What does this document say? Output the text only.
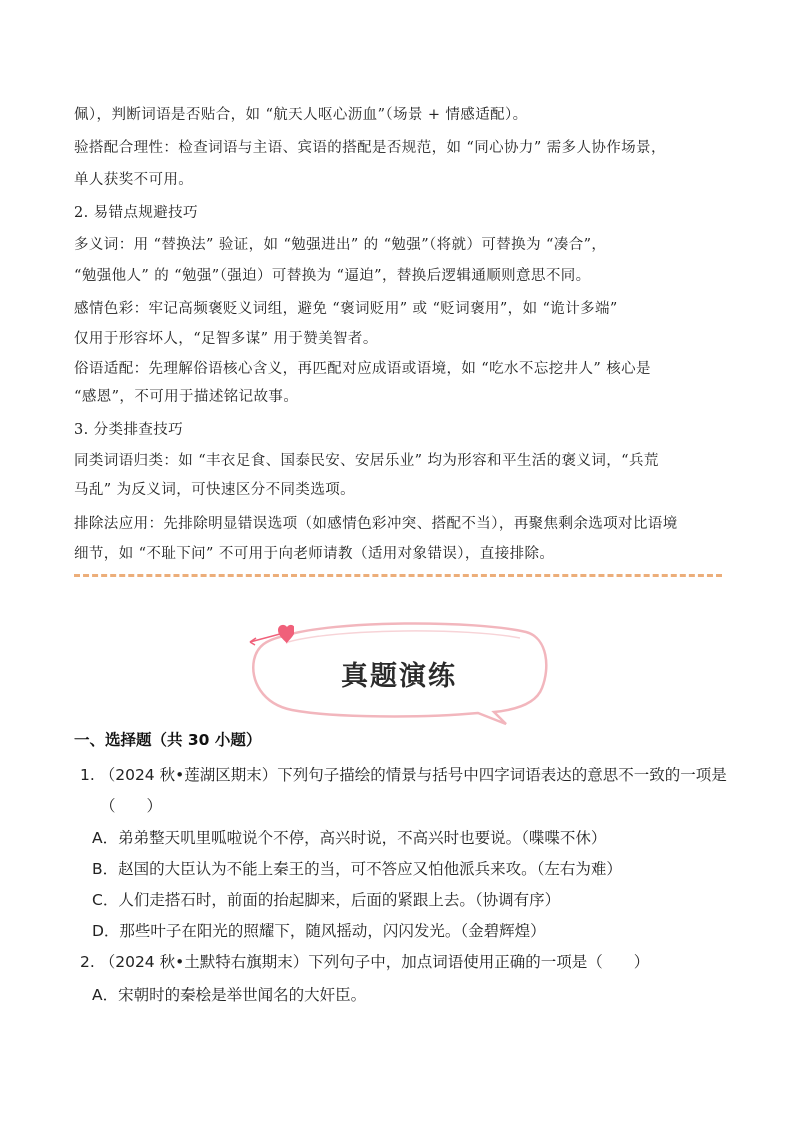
佩），判断词语是否贴合，如 “航天人呕心沥血”（场景 + 情感适配）。
验搭配合理性：检查词语与主语、宾语的搭配是否规范，如 “同心协力” 需多人协作场景，
单人获奖不可用。
2. 易错点规避技巧
多义词：用 “替换法” 验证，如 “勉强进出” 的 “勉强”（将就）可替换为 “凑合”，
“勉强他人” 的 “勉强”（强迫）可替换为 “逼迫”，替换后逻辑通顺则意思不同。
感情色彩：牢记高频褒贬义词组，避免 “褒词贬用” 或 “贬词褒用”，如 “诡计多端”
仅用于形容坏人，“足智多谋” 用于赞美智者。
俗语适配：先理解俗语核心含义，再匹配对应成语或语境，如 “吃水不忘挖井人” 核心是
“感恩”，不可用于描述铭记故事。
3. 分类排查技巧
同类词语归类：如 “丰衣足食、国泰民安、安居乐业” 均为形容和平生活的褒义词，“兵荒
马乱” 为反义词，可快速区分不同类选项。
排除法应用：先排除明显错误选项（如感情色彩冲突、搭配不当），再聚焦剩余选项对比语境
细节，如 “不耻下问” 不可用于向老师请教（适用对象错误），直接排除。
真题演练
一、选择题（共 30 小题）
1. （2024 秋•莲湖区期末）下列句子描绘的情景与括号中四字词语表达的意思不一致的一项是
（　　）
A．弟弟整天叽里呱啦说个不停，高兴时说，不高兴时也要说。（喋喋不休）
B．赵国的大臣认为不能上秦王的当，可不答应又怕他派兵来攻。（左右为难）
C．人们走搭石时，前面的抬起脚来，后面的紧跟上去。（协调有序）
D．那些叶子在阳光的照耀下，随风摇动，闪闪发光。（金碧辉煌）
2. （2024 秋•土默特右旗期末）下列句子中，加点词语使用正确的一项是（　　）
A．宋朝时的秦桧是举世闻名的大奸臣。
